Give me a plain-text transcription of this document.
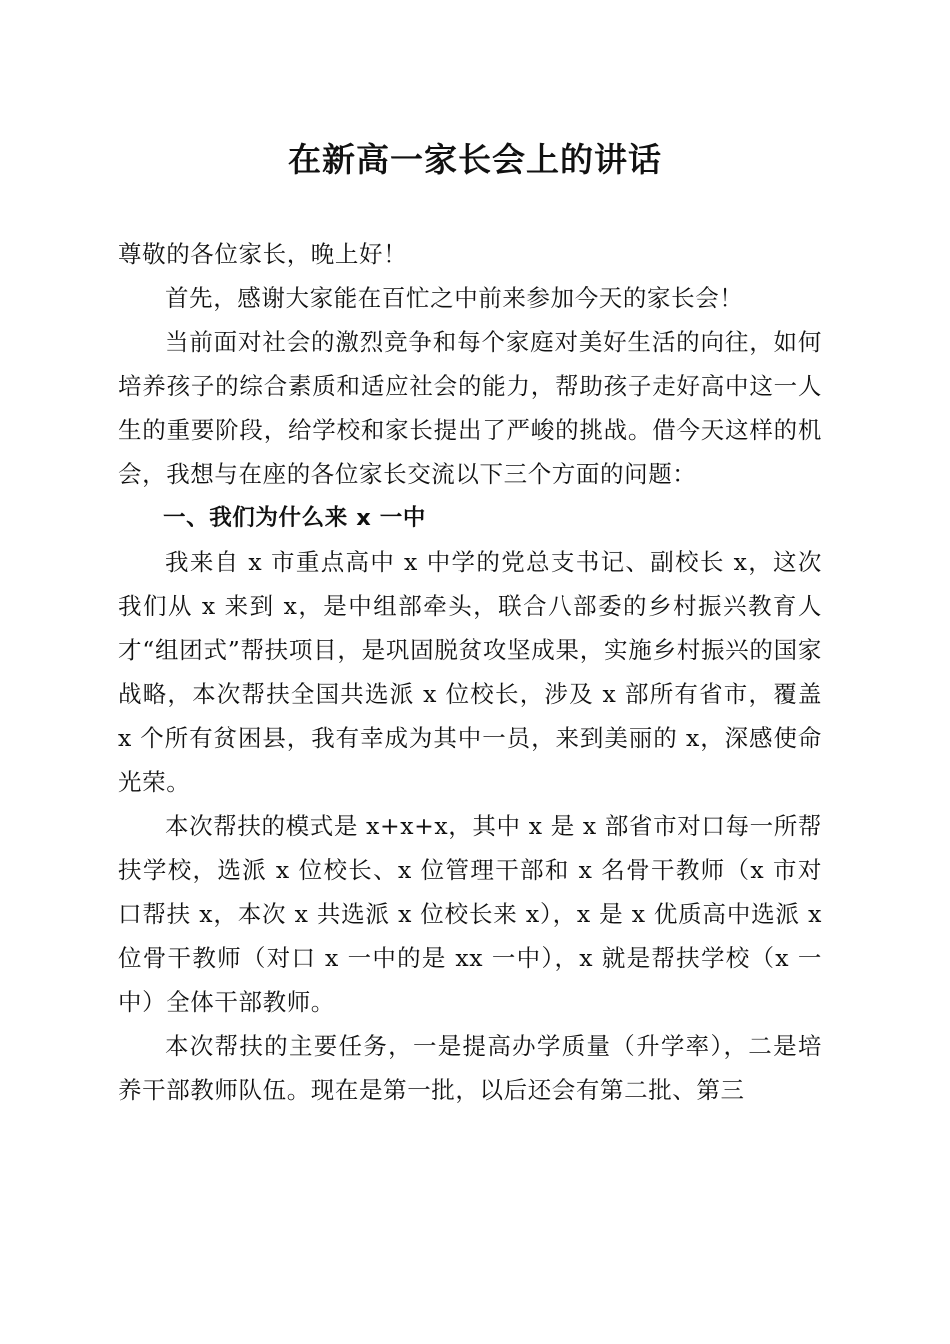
在新高一家长会上的讲话

尊敬的各位家长，晚上好！

首先，感谢大家能在百忙之中前来参加今天的家长会！

当前面对社会的激烈竞争和每个家庭对美好生活的向往，如何培养孩子的综合素质和适应社会的能力，帮助孩子走好高中这一人生的重要阶段，给学校和家长提出了严峻的挑战。借今天这样的机会，我想与在座的各位家长交流以下三个方面的问题：

一、我们为什么来 x 一中

我来自 x 市重点高中 x 中学的党总支书记、副校长 x，这次我们从 x 来到 x，是中组部牵头，联合八部委的乡村振兴教育人才“组团式”帮扶项目，是巩固脱贫攻坚成果，实施乡村振兴的国家战略，本次帮扶全国共选派 x 位校长，涉及 x 部所有省市，覆盖 x 个所有贫困县，我有幸成为其中一员，来到美丽的 x，深感使命光荣。

本次帮扶的模式是 x+x+x，其中 x 是 x 部省市对口每一所帮扶学校，选派 x 位校长、x 位管理干部和 x 名骨干教师（x 市对口帮扶 x，本次 x 共选派 x 位校长来 x），x 是 x 优质高中选派 x 位骨干教师（对口 x 一中的是 xx 一中），x 就是帮扶学校（x 一中）全体干部教师。

本次帮扶的主要任务，一是提高办学质量（升学率），二是培养干部教师队伍。现在是第一批，以后还会有第二批、第三
